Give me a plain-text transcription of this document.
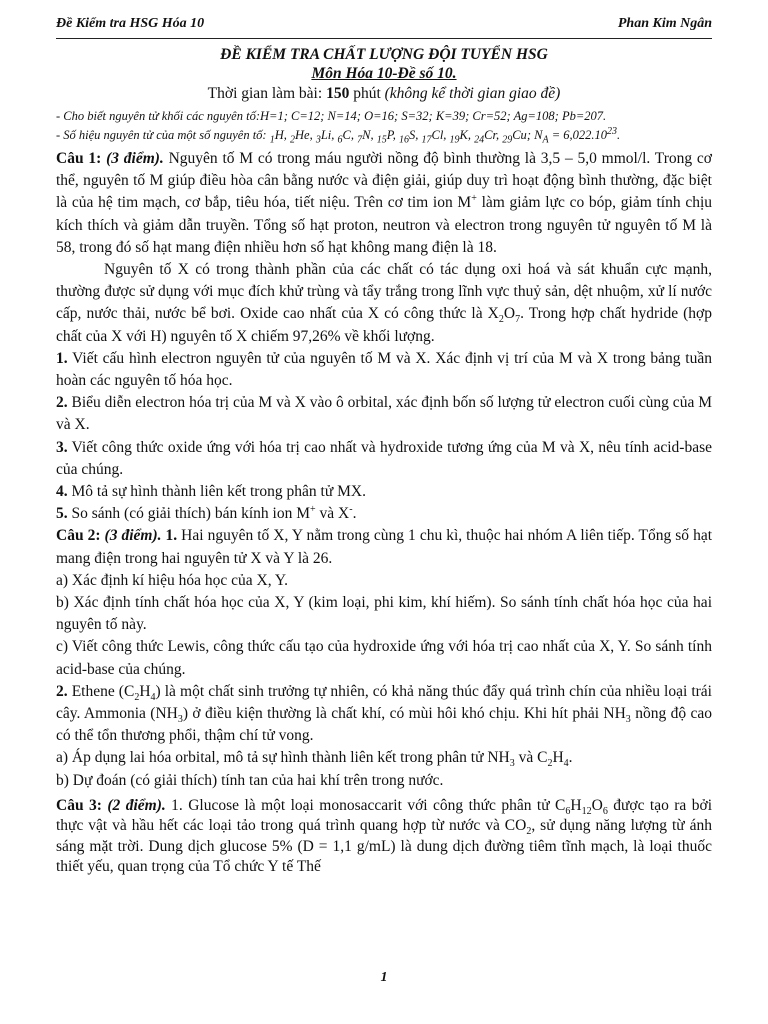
Đề Kiểm tra HSG Hóa 10	Phan Kim Ngân
ĐỀ KIỂM TRA CHẤT LƯỢNG ĐỘI TUYỂN HSG
Môn Hóa 10-Đề số 10.
Thời gian làm bài: 150 phút (không kể thời gian giao đề)
- Cho biết nguyên tử khối các nguyên tố:H=1; C=12; N=14; O=16; S=32; K=39; Cr=52; Ag=108; Pb=207.
- Số hiệu nguyên tử của một số nguyên tố: $_1$H, $_2$He, $_3$Li, $_6$C, $_7$N, $_{15}$P, $_{16}$S, $_{17}$Cl, $_{19}$K, $_{24}$Cr, $_{29}$Cu; $N_A = 6,022.10^{23}$.

Câu 1: (3 điểm). Nguyên tố M có trong máu người nồng độ bình thường là 3,5 – 5,0 mmol/l. Trong cơ thể, nguyên tố M giúp điều hòa cân bằng nước và điện giải, giúp duy trì hoạt động bình thường, đặc biệt là của hệ tim mạch, cơ bắp, tiêu hóa, tiết niệu. Trên cơ tim ion M+ làm giảm lực co bóp, giảm tính chịu kích thích và giảm dẫn truyền. Tổng số hạt proton, neutron và electron trong nguyên tử nguyên tố M là 58, trong đó số hạt mang điện nhiều hơn số hạt không mang điện là 18.

Nguyên tố X có trong thành phần của các chất có tác dụng oxi hoá và sát khuẩn cực mạnh, thường được sử dụng với mục đích khử trùng và tẩy trắng trong lĩnh vực thuỷ sản, dệt nhuộm, xử lí nước cấp, nước thải, nước bể bơi. Oxide cao nhất của X có công thức là $X_2O_7$. Trong hợp chất hydride (hợp chất của X với H) nguyên tố X chiếm 97,26% về khối lượng.

1. Viết cấu hình electron nguyên tử của nguyên tố M và X. Xác định vị trí của M và X trong bảng tuần hoàn các nguyên tố hóa học.

2. Biểu diễn electron hóa trị của M và X vào ô orbital, xác định bốn số lượng tử electron cuối cùng của M và X.

3. Viết công thức oxide ứng với hóa trị cao nhất và hydroxide tương ứng của M và X, nêu tính acid-base của chúng.

4. Mô tả sự hình thành liên kết trong phân tử MX.

5. So sánh (có giải thích) bán kính ion M+ và X-.

Câu 2: (3 điểm). 1. Hai nguyên tố X, Y nằm trong cùng 1 chu kì, thuộc hai nhóm A liên tiếp. Tổng số hạt mang điện trong hai nguyên tử X và Y là 26.

a) Xác định kí hiệu hóa học của X, Y.

b) Xác định tính chất hóa học của X, Y (kim loại, phi kim, khí hiếm). So sánh tính chất hóa học của hai nguyên tố này.

c) Viết công thức Lewis, công thức cấu tạo của hydroxide ứng với hóa trị cao nhất của X, Y. So sánh tính acid-base của chúng.

2. Ethene $(C_2H_4)$ là một chất sinh trưởng tự nhiên, có khả năng thúc đẩy quá trình chín của nhiều loại trái cây. Ammonia $(NH_3)$ ở điều kiện thường là chất khí, có mùi hôi khó chịu. Khi hít phải $NH_3$ nồng độ cao có thể tổn thương phổi, thậm chí tử vong.

a) Áp dụng lai hóa orbital, mô tả sự hình thành liên kết trong phân tử $NH_3$ và $C_2H_4$.

b) Dự đoán (có giải thích) tính tan của hai khí trên trong nước.

Câu 3: (2 điểm). 1. Glucose là một loại monosaccarit với công thức phân tử $C_6H_{12}O_6$ được tạo ra bởi thực vật và hầu hết các loại tảo trong quá trình quang hợp từ nước và $CO_2$, sử dụng năng lượng từ ánh sáng mặt trời. Dung dịch glucose 5% (D = 1,1 g/mL) là dung dịch đường tiêm tĩnh mạch, là loại thuốc thiết yếu, quan trọng của Tổ chức Y tế Thế

1
